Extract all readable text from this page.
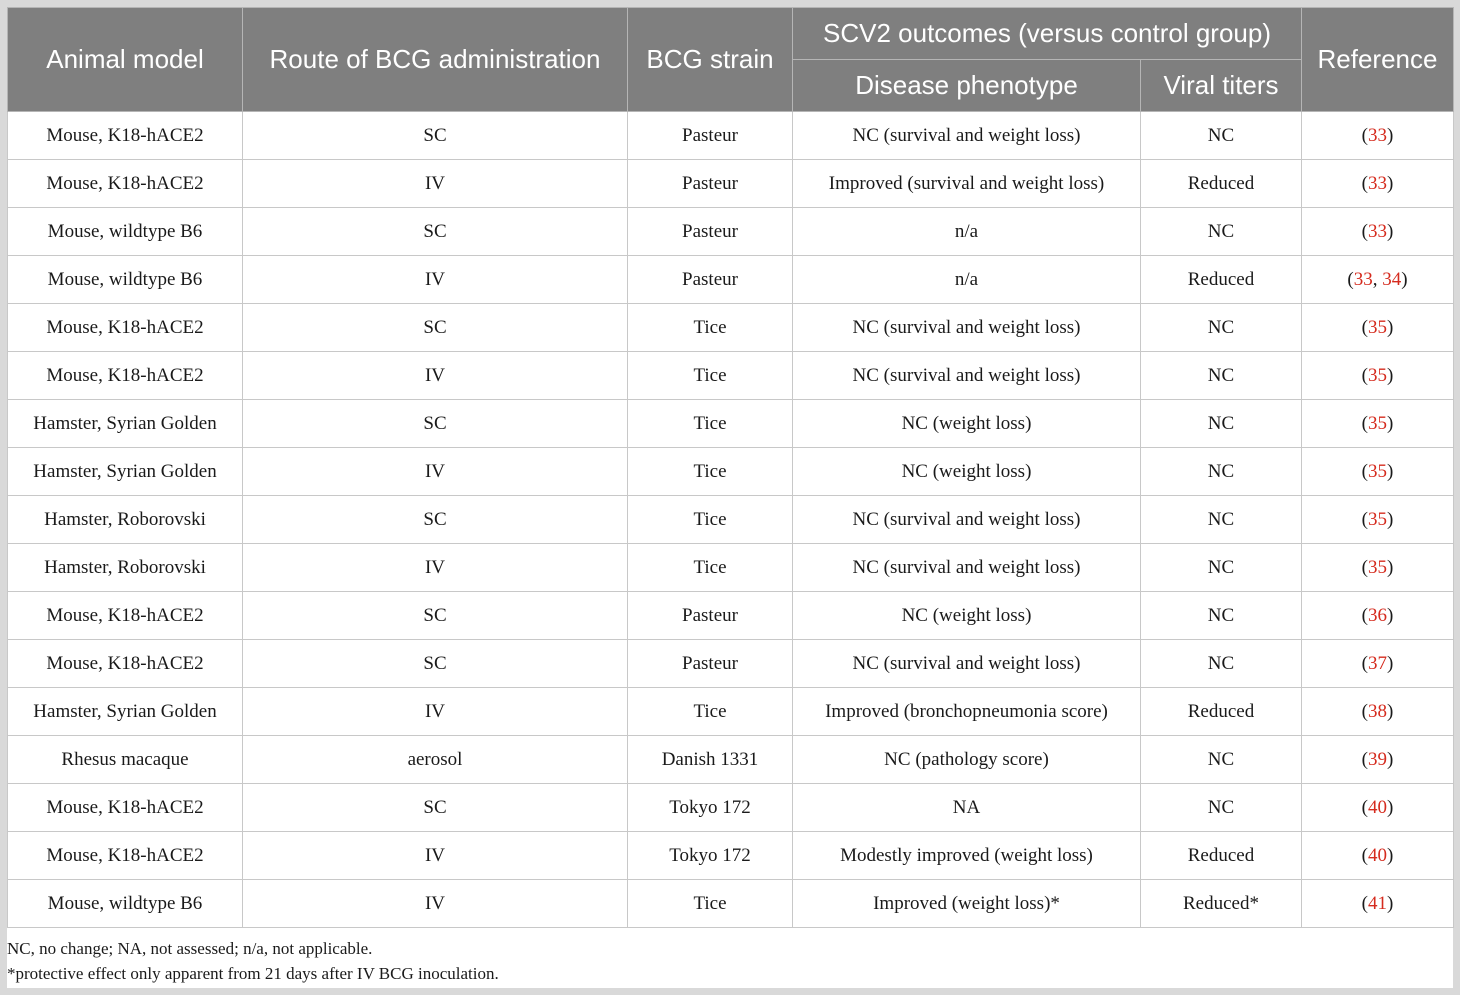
Animal model	Route of BCG administration	BCG strain	SCV2 outcomes (versus control group)		Reference
			Disease phenotype	Viral titers	
Mouse, K18-hACE2	SC	Pasteur	NC (survival and weight loss)	NC	(33)
Mouse, K18-hACE2	IV	Pasteur	Improved (survival and weight loss)	Reduced	(33)
Mouse, wildtype B6	SC	Pasteur	n/a	NC	(33)
Mouse, wildtype B6	IV	Pasteur	n/a	Reduced	(33, 34)
Mouse, K18-hACE2	SC	Tice	NC (survival and weight loss)	NC	(35)
Mouse, K18-hACE2	IV	Tice	NC (survival and weight loss)	NC	(35)
Hamster, Syrian Golden	SC	Tice	NC (weight loss)	NC	(35)
Hamster, Syrian Golden	IV	Tice	NC (weight loss)	NC	(35)
Hamster, Roborovski	SC	Tice	NC (survival and weight loss)	NC	(35)
Hamster, Roborovski	IV	Tice	NC (survival and weight loss)	NC	(35)
Mouse, K18-hACE2	SC	Pasteur	NC (weight loss)	NC	(36)
Mouse, K18-hACE2	SC	Pasteur	NC (survival and weight loss)	NC	(37)
Hamster, Syrian Golden	IV	Tice	Improved (bronchopneumonia score)	Reduced	(38)
Rhesus macaque	aerosol	Danish 1331	NC (pathology score)	NC	(39)
Mouse, K18-hACE2	SC	Tokyo 172	NA	NC	(40)
Mouse, K18-hACE2	IV	Tokyo 172	Modestly improved (weight loss)	Reduced	(40)
Mouse, wildtype B6	IV	Tice	Improved (weight loss)*	Reduced*	(41)
NC, no change; NA, not assessed; n/a, not applicable.
*protective effect only apparent from 21 days after IV BCG inoculation.
